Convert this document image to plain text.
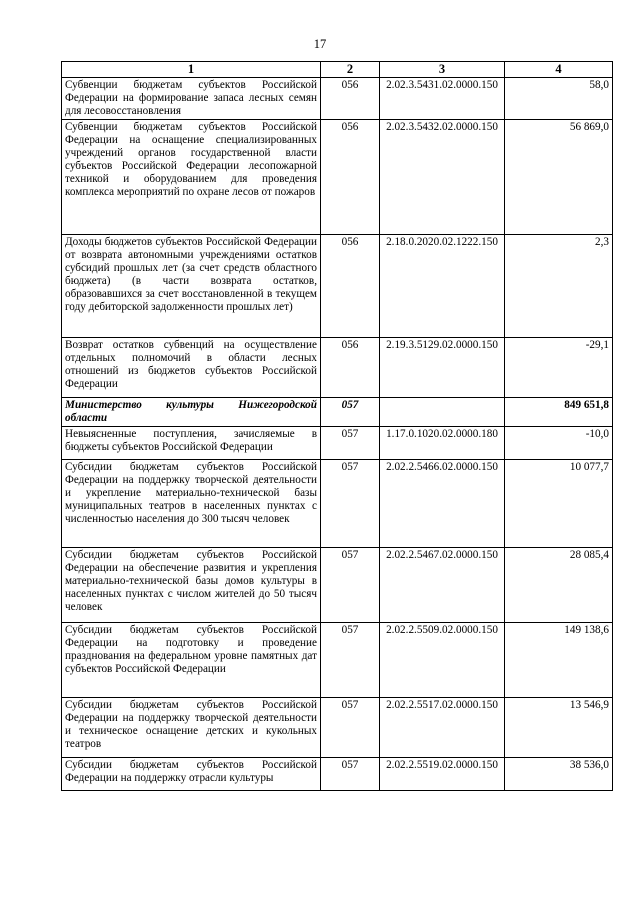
17
1	2	3	4
Субвенции бюджетам субъектов Российской Федерации на формирование запаса лесных семян для лесовосстановления	056	2.02.3.5431.02.0000.150	58,0
Субвенции бюджетам субъектов Российской Федерации на оснащение специализированных учреждений органов государственной власти субъектов Российской Федерации лесопожарной техникой и оборудованием для проведения комплекса мероприятий по охране лесов от пожаров	056	2.02.3.5432.02.0000.150	56 869,0
Доходы бюджетов субъектов Российской Федерации от возврата автономными учреждениями остатков субсидий прошлых лет (за счет средств областного бюджета) (в части возврата остатков, образовавшихся за счет восстановленной в текущем году дебиторской задолженности прошлых лет)	056	2.18.0.2020.02.1222.150	2,3
Возврат остатков субвенций на осуществление отдельных полномочий в области лесных отношений из бюджетов субъектов Российской Федерации	056	2.19.3.5129.02.0000.150	-29,1
Министерство культуры Нижегородской области	057		849 651,8
Невыясненные поступления, зачисляемые в бюджеты субъектов Российской Федерации	057	1.17.0.1020.02.0000.180	-10,0
Субсидии бюджетам субъектов Российской Федерации на поддержку творческой деятельности и укрепление материально-технической базы муниципальных театров в населенных пунктах с численностью населения до 300 тысяч человек	057	2.02.2.5466.02.0000.150	10 077,7
Субсидии бюджетам субъектов Российской Федерации на обеспечение развития и укрепления материально-технической базы домов культуры в населенных пунктах с числом жителей до 50 тысяч человек	057	2.02.2.5467.02.0000.150	28 085,4
Субсидии бюджетам субъектов Российской Федерации на подготовку и проведение празднования на федеральном уровне памятных дат субъектов Российской Федерации	057	2.02.2.5509.02.0000.150	149 138,6
Субсидии бюджетам субъектов Российской Федерации на поддержку творческой деятельности и техническое оснащение детских и кукольных театров	057	2.02.2.5517.02.0000.150	13 546,9
Субсидии бюджетам субъектов Российской Федерации на поддержку отрасли культуры	057	2.02.2.5519.02.0000.150	38 536,0
